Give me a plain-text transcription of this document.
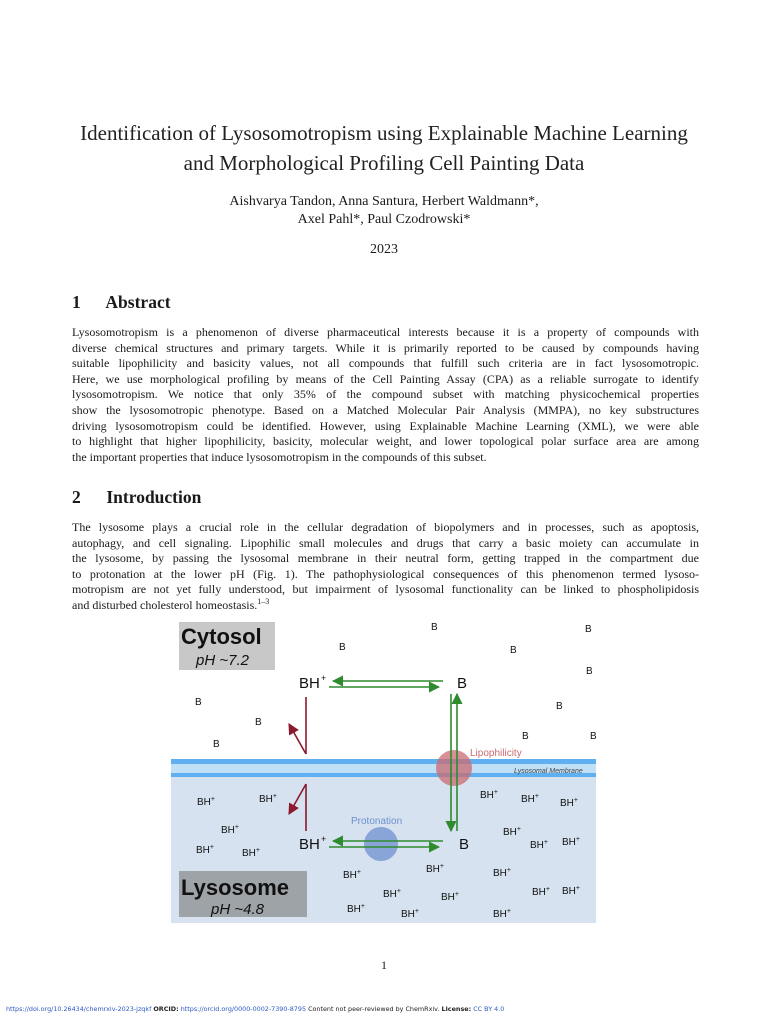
Identification of Lysosomotropism using Explainable Machine Learning
and Morphological Profiling Cell Painting Data
Aishvarya Tandon, Anna Santura, Herbert Waldmann*,
Axel Pahl*, Paul Czodrowski*
2023
1 Abstract
Lysosomotropism is a phenomenon of diverse pharmaceutical interests because it is a property of compounds with
diverse chemical structures and primary targets. While it is primarily reported to be caused by compounds having
suitable lipophilicity and basicity values, not all compounds that fulfill such criteria are in fact lysosomotropic.
Here, we use morphological profiling by means of the Cell Painting Assay (CPA) as a reliable surrogate to identify
lysosomotropism. We notice that only 35% of the compound subset with matching physicochemical properties
show the lysosomotropic phenotype. Based on a Matched Molecular Pair Analysis (MMPA), no key substructures
driving lysosomotropism could be identified. However, using Explainable Machine Learning (XML), we were able
to highlight that higher lipophilicity, basicity, molecular weight, and lower topological polar surface area are among
the important properties that induce lysosomotropism in the compounds of this subset.
2 Introduction
The lysosome plays a crucial role in the cellular degradation of biopolymers and in processes, such as apoptosis,
autophagy, and cell signaling. Lipophilic small molecules and drugs that carry a basic moiety can accumulate in
the lysosome, by passing the lysosomal membrane in their neutral form, getting trapped in the compartment due
to protonation at the lower pH (Fig. 1). The pathophysiological consequences of this phenomenon termed lysoso-
motropism are not yet fully understood, but impairment of lysosomal functionality can be linked to phospholipidosis
and disturbed cholesterol homeostasis.$^{1-3}$
Lysosomal Membrane
Cytosol
pH ~7.2
Lysosome
pH ~4.8
Lipophilicity
Protonation
BH +	B
BH +	B
B
B	B
B
B
B
B
B
B
B	B
BH+	BH+
BH+
BH+
BH+
BH+
BH+
BH+
BH+
BH+ BH+
BH+	BH+
BH+
BH+
BH+	BH+ BH+
BH+
BH+	BH+
1
https://doi.org/10.26434/chemrxiv-2023-jzqkf ORCID: https://orcid.org/0000-0002-7390-8795 Content not peer-reviewed by ChemRxiv. License: CC BY 4.0
